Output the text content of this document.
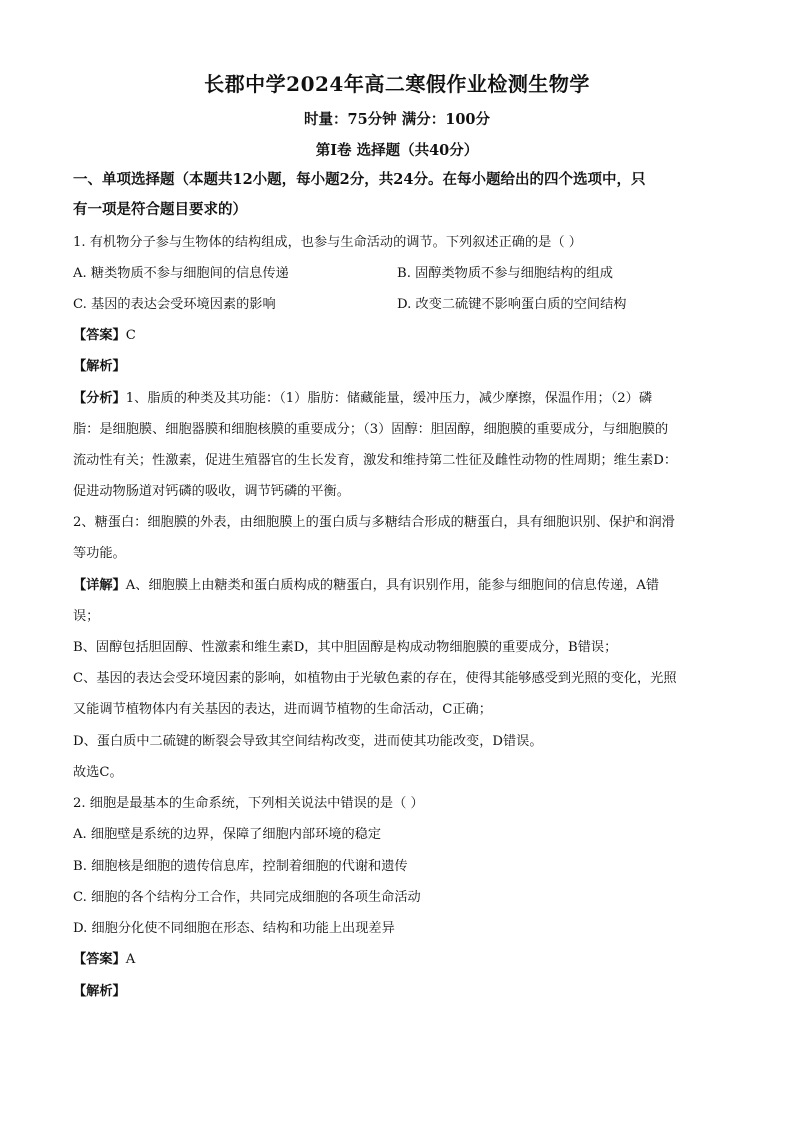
长郡中学2024年高二寒假作业检测生物学
时量：75分钟 满分：100分
第I卷 选择题（共40分）
一、单项选择题（本题共12小题，每小题2分，共24分。在每小题给出的四个选项中，只
有一项是符合题目要求的）
1. 有机物分子参与生物体的结构组成，也参与生命活动的调节。下列叙述正确的是（ ）
A. 糖类物质不参与细胞间的信息传递	B. 固醇类物质不参与细胞结构的组成
C. 基因的表达会受环境因素的影响	D. 改变二硫键不影响蛋白质的空间结构
【答案】C
【解析】
【分析】1、脂质的种类及其功能：（1）脂肪：储藏能量，缓冲压力，减少摩擦，保温作用；（2）磷
脂：是细胞膜、细胞器膜和细胞核膜的重要成分；（3）固醇：胆固醇，细胞膜的重要成分，与细胞膜的
流动性有关；性激素，促进生殖器官的生长发育，激发和维持第二性征及雌性动物的性周期；维生素D：
促进动物肠道对钙磷的吸收，调节钙磷的平衡。
2、糖蛋白：细胞膜的外表，由细胞膜上的蛋白质与多糖结合形成的糖蛋白，具有细胞识别、保护和润滑
等功能。
【详解】A、细胞膜上由糖类和蛋白质构成的糖蛋白，具有识别作用，能参与细胞间的信息传递，A错
误；
B、固醇包括胆固醇、性激素和维生素D，其中胆固醇是构成动物细胞膜的重要成分，B错误；
C、基因的表达会受环境因素的影响，如植物由于光敏色素的存在，使得其能够感受到光照的变化，光照
又能调节植物体内有关基因的表达，进而调节植物的生命活动，C正确；
D、蛋白质中二硫键的断裂会导致其空间结构改变，进而使其功能改变，D错误。
故选C。
2. 细胞是最基本的生命系统，下列相关说法中错误的是（ ）
A. 细胞壁是系统的边界，保障了细胞内部环境的稳定
B. 细胞核是细胞的遗传信息库，控制着细胞的代谢和遗传
C. 细胞的各个结构分工合作，共同完成细胞的各项生命活动
D. 细胞分化使不同细胞在形态、结构和功能上出现差异
【答案】A
【解析】
